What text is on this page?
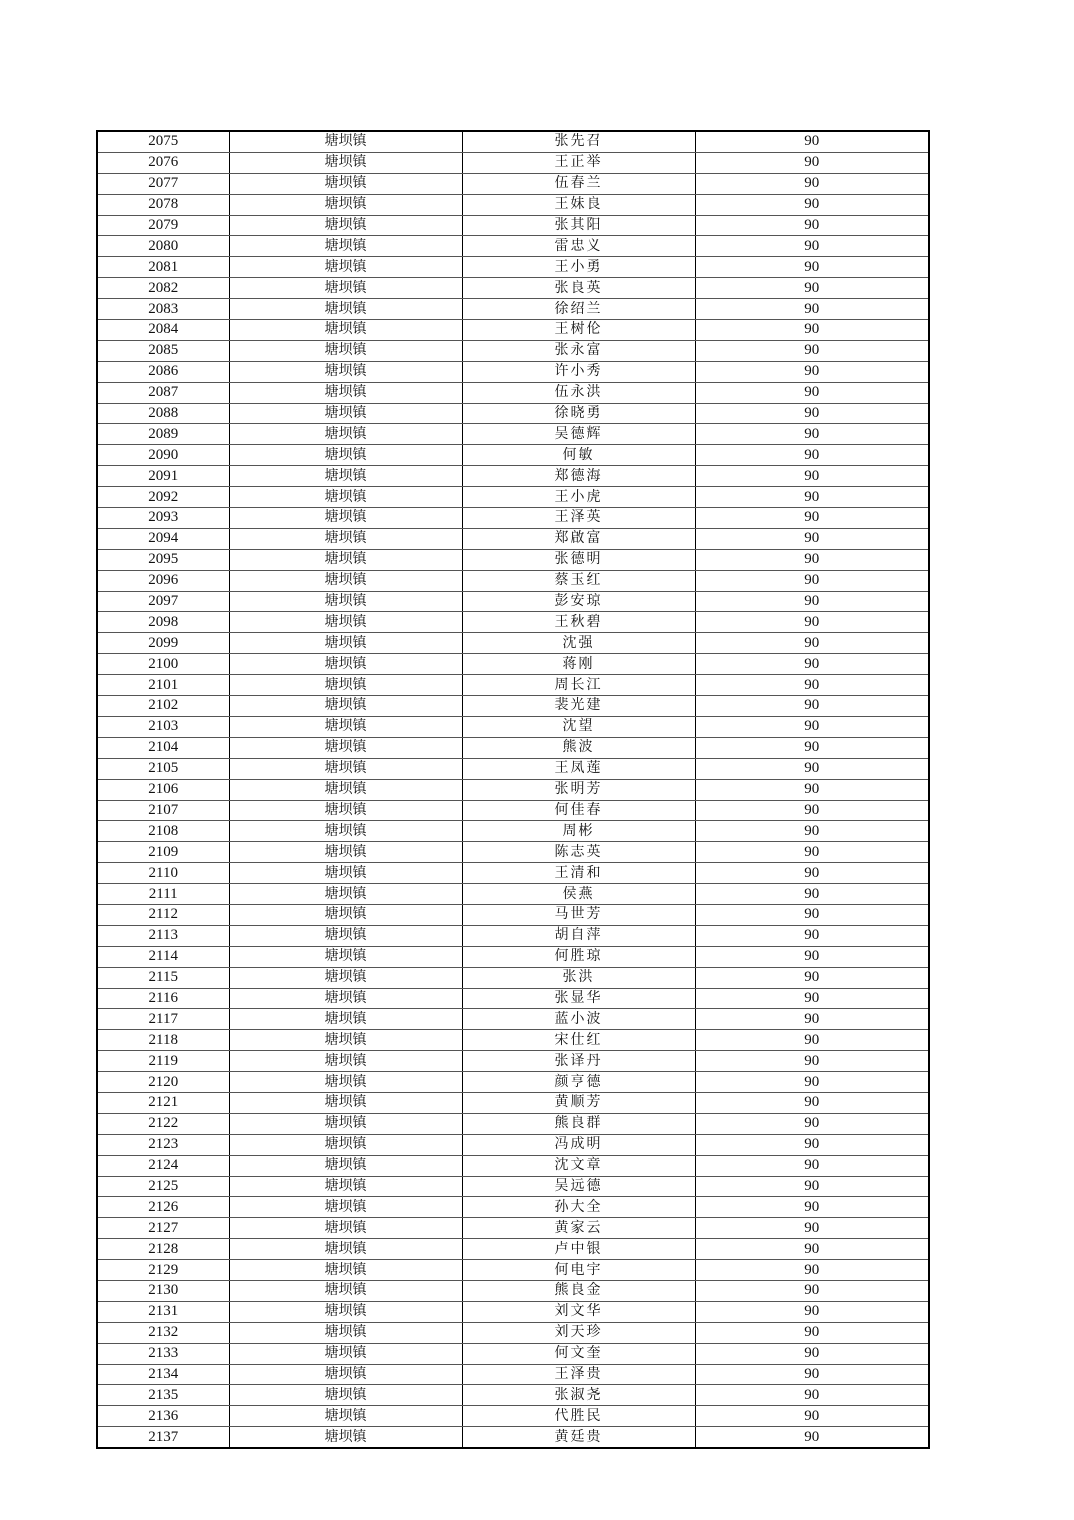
2075	塘坝镇	张先召	90
2076	塘坝镇	王正举	90
2077	塘坝镇	伍春兰	90
2078	塘坝镇	王妹良	90
2079	塘坝镇	张其阳	90
2080	塘坝镇	雷忠义	90
2081	塘坝镇	王小勇	90
2082	塘坝镇	张良英	90
2083	塘坝镇	徐绍兰	90
2084	塘坝镇	王树伦	90
2085	塘坝镇	张永富	90
2086	塘坝镇	许小秀	90
2087	塘坝镇	伍永洪	90
2088	塘坝镇	徐晓勇	90
2089	塘坝镇	吴德辉	90
2090	塘坝镇	何敏	90
2091	塘坝镇	郑德海	90
2092	塘坝镇	王小虎	90
2093	塘坝镇	王泽英	90
2094	塘坝镇	郑啟富	90
2095	塘坝镇	张德明	90
2096	塘坝镇	蔡玉红	90
2097	塘坝镇	彭安琼	90
2098	塘坝镇	王秋碧	90
2099	塘坝镇	沈强	90
2100	塘坝镇	蒋刚	90
2101	塘坝镇	周长江	90
2102	塘坝镇	裴光建	90
2103	塘坝镇	沈望	90
2104	塘坝镇	熊波	90
2105	塘坝镇	王凤莲	90
2106	塘坝镇	张明芳	90
2107	塘坝镇	何佳春	90
2108	塘坝镇	周彬	90
2109	塘坝镇	陈志英	90
2110	塘坝镇	王清和	90
2111	塘坝镇	侯燕	90
2112	塘坝镇	马世芳	90
2113	塘坝镇	胡自萍	90
2114	塘坝镇	何胜琼	90
2115	塘坝镇	张洪	90
2116	塘坝镇	张显华	90
2117	塘坝镇	蓝小波	90
2118	塘坝镇	宋仕红	90
2119	塘坝镇	张译丹	90
2120	塘坝镇	颜亨德	90
2121	塘坝镇	黄顺芳	90
2122	塘坝镇	熊良群	90
2123	塘坝镇	冯成明	90
2124	塘坝镇	沈文章	90
2125	塘坝镇	吴远德	90
2126	塘坝镇	孙大全	90
2127	塘坝镇	黄家云	90
2128	塘坝镇	卢中银	90
2129	塘坝镇	何电宇	90
2130	塘坝镇	熊良金	90
2131	塘坝镇	刘文华	90
2132	塘坝镇	刘天珍	90
2133	塘坝镇	何文奎	90
2134	塘坝镇	王泽贵	90
2135	塘坝镇	张淑尧	90
2136	塘坝镇	代胜民	90
2137	塘坝镇	黄廷贵	90
